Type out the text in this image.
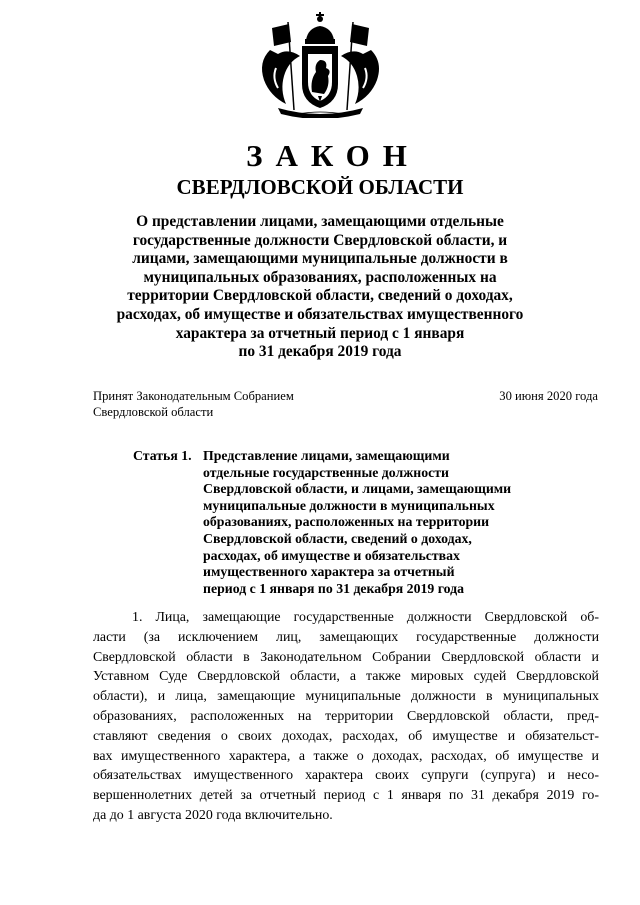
ЗАКОН
СВЕРДЛОВСКОЙ ОБЛАСТИ
О представлении лицами, замещающими отдельные
государственные должности Свердловской области, и
лицами, замещающими муниципальные должности в
муниципальных образованиях, расположенных на
территории Свердловской области, сведений о доходах,
расходах, об имуществе и обязательствах имущественного
характера за отчетный период с 1 января
по 31 декабря 2019 года
Принят Законодательным Собранием
Свердловской области
30 июня 2020 года
Статья 1. Представление лицами, замещающими
отдельные государственные должности
Свердловской области, и лицами, замещающими
муниципальные должности в муниципальных
образованиях, расположенных на территории
Свердловской области, сведений о доходах,
расходах, об имуществе и обязательствах
имущественного характера за отчетный
период с 1 января по 31 декабря 2019 года
1. Лица, замещающие государственные должности Свердловской об-
ласти (за исключением лиц, замещающих государственные должности
Свердловской области в Законодательном Собрании Свердловской области и
Уставном Суде Свердловской области, а также мировых судей Свердловской
области), и лица, замещающие муниципальные должности в муниципальных
образованиях, расположенных на территории Свердловской области, пред-
ставляют сведения о своих доходах, расходах, об имуществе и обязательст-
вах имущественного характера, а также о доходах, расходах, об имуществе и
обязательствах имущественного характера своих супруги (супруга) и несо-
вершеннолетних детей за отчетный период с 1 января по 31 декабря 2019 го-
да до 1 августа 2020 года включительно.
